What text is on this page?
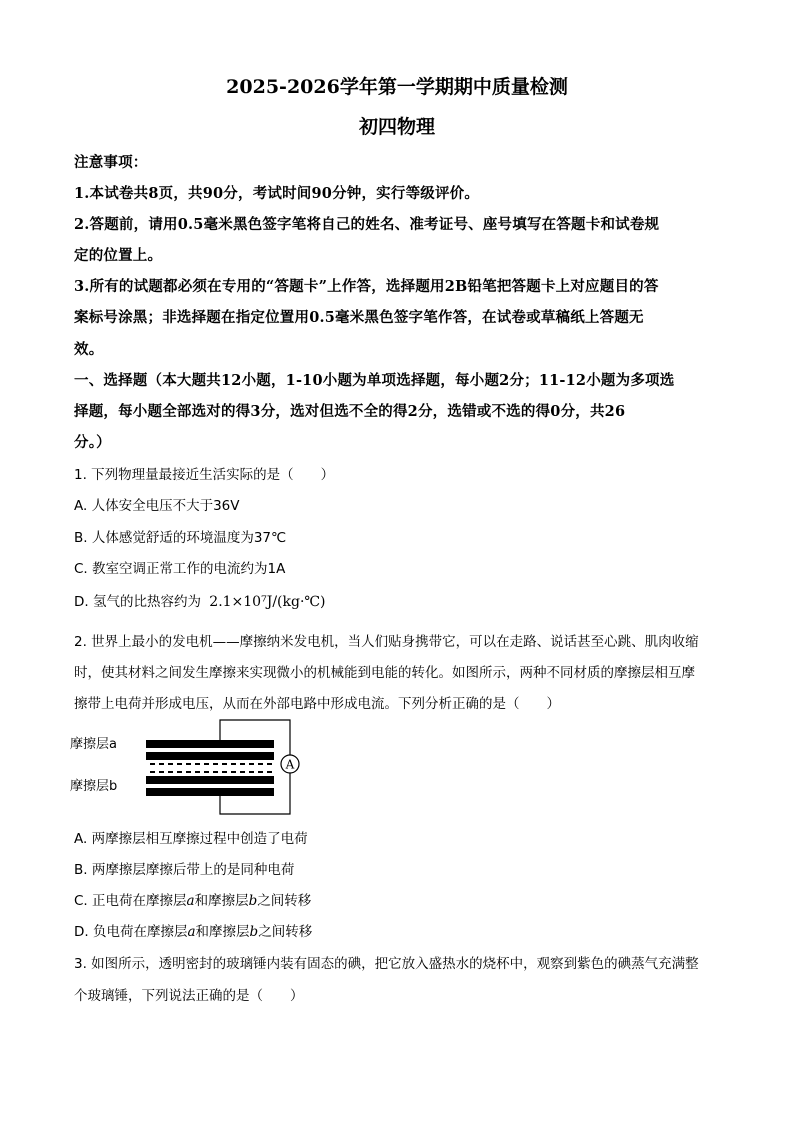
2025-2026学年第一学期期中质量检测
初四物理
注意事项：
1.本试卷共8页，共90分，考试时间90分钟，实行等级评价。
2.答题前，请用0.5毫米黑色签字笔将自己的姓名、准考证号、座号填写在答题卡和试卷规
定的位置上。
3.所有的试题都必须在专用的“答题卡”上作答，选择题用2B铅笔把答题卡上对应题目的答
案标号涂黑；非选择题在指定位置用0.5毫米黑色签字笔作答，在试卷或草稿纸上答题无
效。
一、选择题（本大题共12小题，1-10小题为单项选择题，每小题2分；11-12小题为多项选
择题，每小题全部选对的得3分，选对但选不全的得2分，选错或不选的得0分，共26
分。）
1. 下列物理量最接近生活实际的是（　　）
A. 人体安全电压不大于36V
B. 人体感觉舒适的环境温度为37℃
C. 教室空调正常工作的电流约为1A
D. 氢气的比热容约为 2.1×10⁷J/(kg·℃)
2. 世界上最小的发电机——摩擦纳米发电机，当人们贴身携带它，可以在走路、说话甚至心跳、肌肉收缩
时，使其材料之间发生摩擦来实现微小的机械能到电能的转化。如图所示，两种不同材质的摩擦层相互摩
擦带上电荷并形成电压，从而在外部电路中形成电流。下列分析正确的是（　　）
A
摩擦层a
摩擦层b
A. 两摩擦层相互摩擦过程中创造了电荷
B. 两摩擦层摩擦后带上的是同种电荷
C. 正电荷在摩擦层a和摩擦层b之间转移
D. 负电荷在摩擦层a和摩擦层b之间转移
3. 如图所示，透明密封的玻璃锤内装有固态的碘，把它放入盛热水的烧杯中，观察到紫色的碘蒸气充满整
个玻璃锤，下列说法正确的是（　　）
